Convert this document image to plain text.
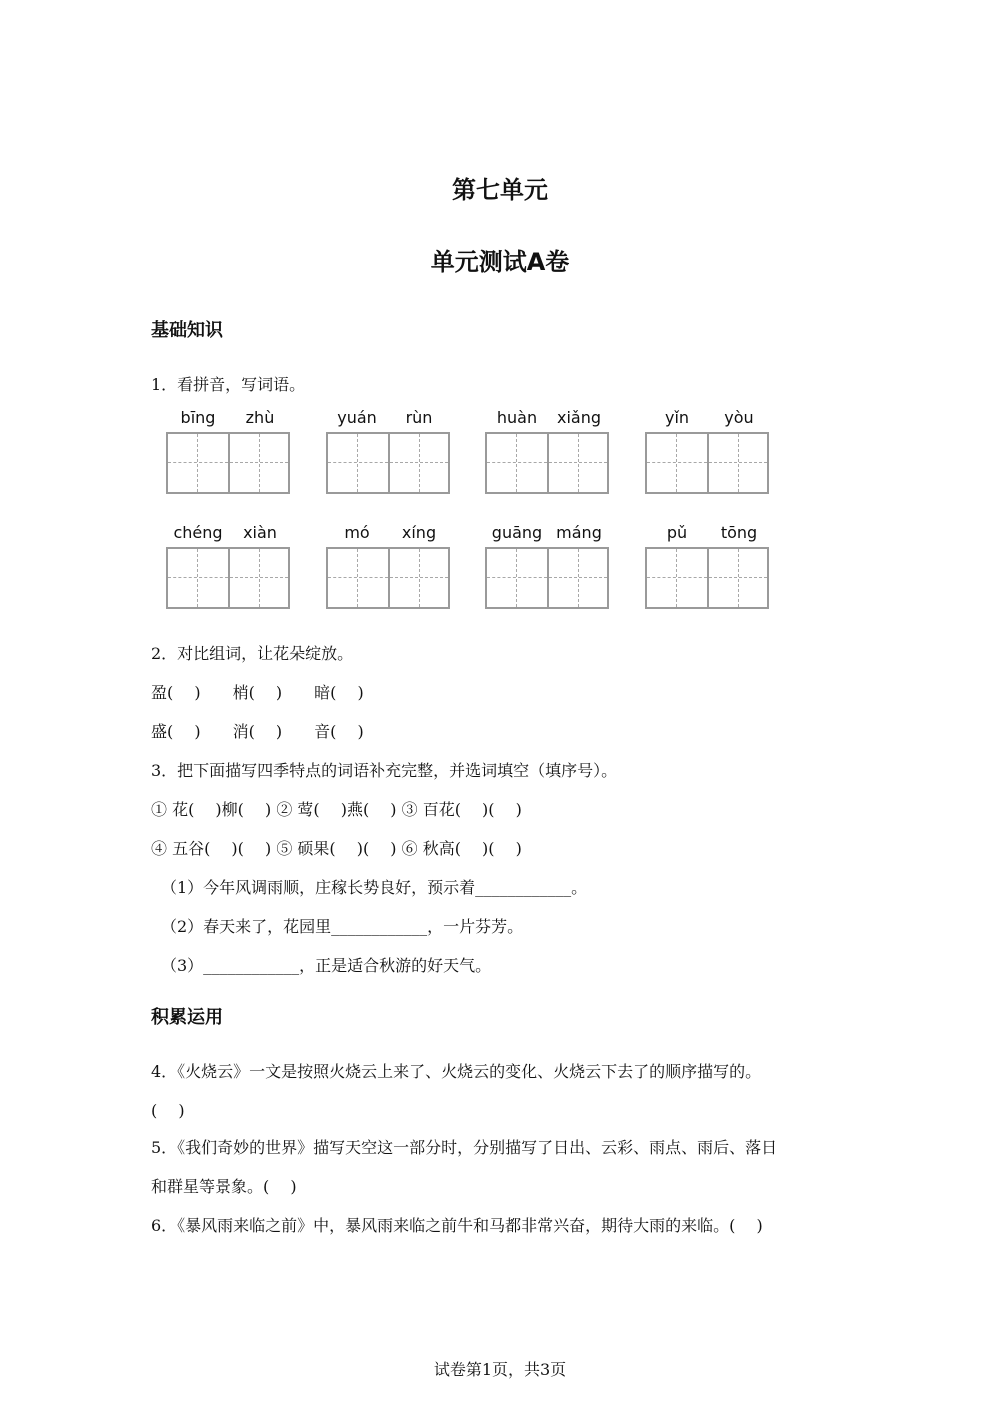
第七单元
单元测试A卷
基础知识
1．看拼音，写词语。
bīng	zhù	yuán	rùn	huàn	xiǎng	yǐn	yòu
chéng	xiàn	mó	xíng	guāng máng	pǔ	tōng
2．对比组词，让花朵绽放。
盈(　 )　　梢(　 )　　暗(　 )
盛(　 )　　消(　 )　　音(　 )
3．把下面描写四季特点的词语补充完整，并选词填空（填序号）。
① 花(　 )柳(　 ) ② 莺(　 )燕(　 ) ③ 百花(　 )(　 )
④ 五谷(　 )(　 ) ⑤ 硕果(　 )(　 ) ⑥ 秋高(　 )(　 )
（1）今年风调雨顺，庄稼长势良好，预示着____________。
（2）春天来了，花园里____________，一片芬芳。
（3）____________，正是适合秋游的好天气。
积累运用
4．《火烧云》一文是按照火烧云上来了、火烧云的变化、火烧云下去了的顺序描写的。
(　 )
5．《我们奇妙的世界》描写天空这一部分时，分别描写了日出、云彩、雨点、雨后、落日
和群星等景象。(　 )
6．《暴风雨来临之前》中，暴风雨来临之前牛和马都非常兴奋，期待大雨的来临。(　 )
试卷第1页，共3页
